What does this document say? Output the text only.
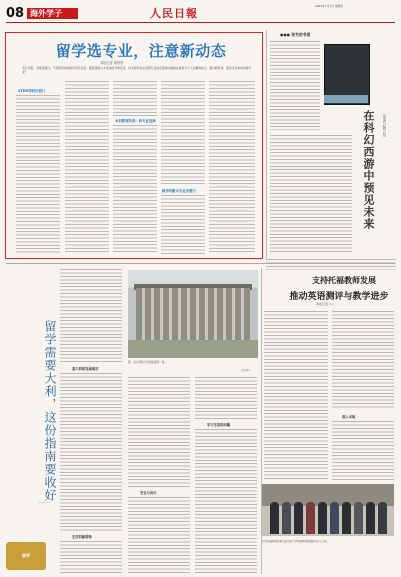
08 海外学子	人民日報
2024年1月1日 星期日
留学选专业，注意新动态
本报记者 周秋思
近几年里，全球范围内，不同学科的热度均有所变化。随着各国人才需求的不断变化，许多留学生在选择专业时会更加注重就业前景与个人兴趣的结合。面对新形势，留学生应如何选择专业？
STEM学科仍热门
本科教育阶段：转专业选择
跨学科新兴专业有潜力
●●● 说书的书架
在科幻西游中预见未来	《西游·幻想·纪》
留学需要大利，这份指南要收好
————
游学
意大利的发展现状
生活的新期待
图：意大利某大学校园建筑一角。
资料图片
安全与出行
学习生活的问题
支持托福教师发展
推动英语测评与教学进步
本报记者 ××
深入本地
图为托福教师在第九届中国大学英语教师发展研讨会上合影。
